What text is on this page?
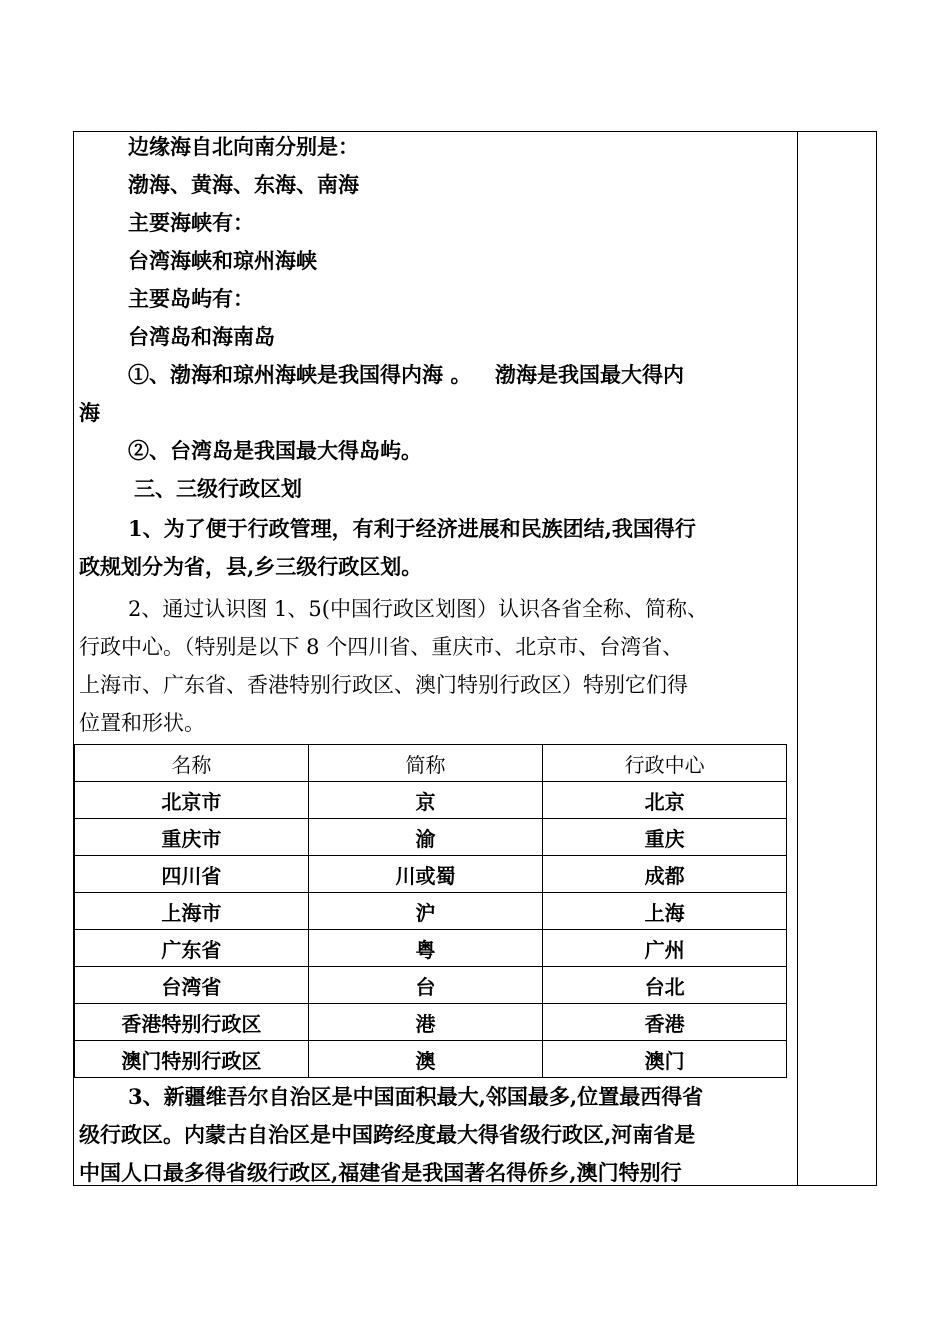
边缘海自北向南分别是：
渤海、黄海、东海、南海
主要海峡有：
台湾海峡和琼州海峡
主要岛屿有：
台湾岛和海南岛
①、渤海和琼州海峡是我国得内海 。 渤海是我国最大得内
海
②、台湾岛是我国最大得岛屿。
三、三级行政区划
1、为了便于行政管理，有利于经济进展和民族团结,我国得行
政规划分为省，县,乡三级行政区划。
2、通过认识图 1、5(中国行政区划图）认识各省全称、简称、
行政中心。（特别是以下 8 个四川省、重庆市、北京市、台湾省、
上海市、广东省、香港特别行政区、澳门特别行政区）特别它们得
位置和形状。
名称	简称	行政中心
北京市	京	北京
重庆市	渝	重庆
四川省	川或蜀	成都
上海市	沪	上海
广东省	粤	广州
台湾省	台	台北
香港特别行政区	港	香港
澳门特别行政区	澳	澳门
3、新疆维吾尔自治区是中国面积最大,邻国最多,位置最西得省
级行政区。内蒙古自治区是中国跨经度最大得省级行政区,河南省是
中国人口最多得省级行政区,福建省是我国著名得侨乡,澳门特别行
